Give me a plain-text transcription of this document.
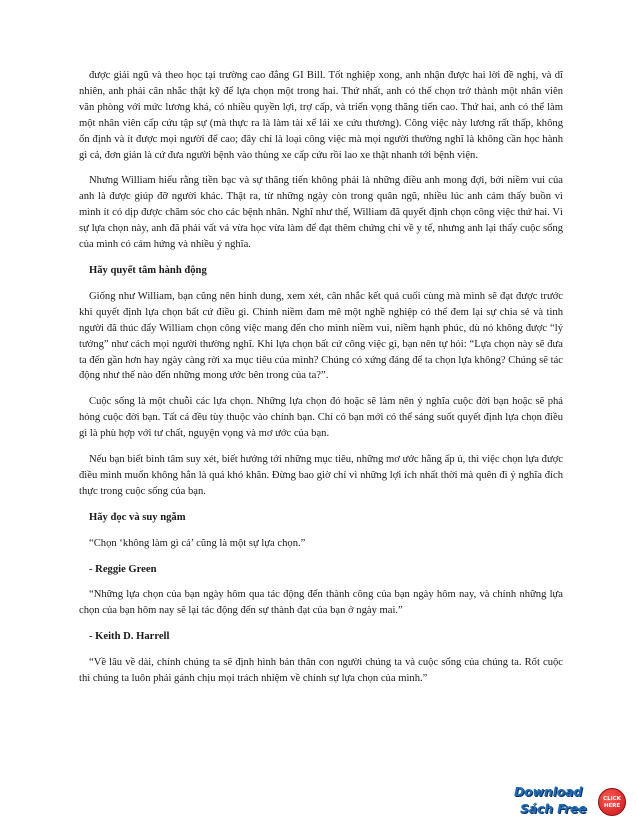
được giải ngũ và theo học tại trường cao đẳng GI Bill. Tốt nghiệp xong, anh nhận được hai lời đề nghị, và dĩ nhiên, anh phải cân nhắc thật kỹ để lựa chọn một trong hai. Thứ nhất, anh có thể chọn trở thành một nhân viên văn phòng với mức lương khá, có nhiều quyền lợi, trợ cấp, và triển vọng thăng tiến cao. Thứ hai, anh có thể làm một nhân viên cấp cứu tập sự (mà thực ra là làm tài xế lái xe cứu thương). Công việc này lương rất thấp, không ổn định và ít được mọi người để cao; đây chỉ là loại công việc mà mọi người thường nghĩ là không cần học hành gì cả, đơn giản là cứ đưa người bệnh vào thùng xe cấp cứu rồi lao xe thật nhanh tới bệnh viện.

Nhưng William hiểu rằng tiền bạc và sự thăng tiến không phải là những điều anh mong đợi, bởi niềm vui của anh là được giúp đỡ người khác. Thật ra, từ những ngày còn trong quân ngũ, nhiều lúc anh cảm thấy buồn vì mình ít có dịp được chăm sóc cho các bệnh nhân. Nghĩ như thế, William đã quyết định chọn công việc thứ hai. Vì sự lựa chọn này, anh đã phải vất vả vừa học vừa làm để đạt thêm chứng chỉ về y tế, nhưng anh lại thấy cuộc sống của mình có cảm hứng và nhiều ý nghĩa.

Hãy quyết tâm hành động

Giống như William, bạn cũng nên hình dung, xem xét, cân nhắc kết quả cuối cùng mà mình sẽ đạt được trước khi quyết định lựa chọn bất cứ điều gì. Chính niềm đam mê một nghề nghiệp có thể đem lại sự chia sẻ và tình người đã thúc đẩy William chọn công việc mang đến cho mình niềm vui, niềm hạnh phúc, dù nó không được “lý tưởng” như cách mọi người thường nghĩ. Khi lựa chọn bất cứ công việc gì, bạn nên tự hỏi: “Lựa chọn này sẽ đưa ta đến gần hơn hay ngày càng rời xa mục tiêu của mình? Chúng có xứng đáng để ta chọn lựa không? Chúng sẽ tác động như thế nào đến những mong ước bên trong của ta?”.

Cuộc sống là một chuỗi các lựa chọn. Những lựa chọn đó hoặc sẽ làm nên ý nghĩa cuộc đời bạn hoặc sẽ phá hỏng cuộc đời bạn. Tất cả đều tùy thuộc vào chính bạn. Chỉ có bạn mới có thể sáng suốt quyết định lựa chọn điều gì là phù hợp với tư chất, nguyện vọng và mơ ước của bạn.

Nếu bạn biết bình tâm suy xét, biết hướng tới những mục tiêu, những mơ ước hằng ấp ủ, thì việc chọn lựa được điều mình muốn không hẳn là quá khó khăn. Đừng bao giờ chỉ vì những lợi ích nhất thời mà quên đi ý nghĩa đích thực trong cuộc sống của bạn.

Hãy đọc và suy ngẫm

“Chọn ‘không làm gì cả’ cũng là một sự lựa chọn.”

- Reggie Green

“Những lựa chọn của bạn ngày hôm qua tác động đến thành công của bạn ngày hôm nay, và chính những lựa chọn của bạn hôm nay sẽ lại tác động đến sự thành đạt của bạn ở ngày mai.”

- Keith D. Harrell

“Về lâu về dài, chính chúng ta sẽ định hình bản thân con người chúng ta và cuộc sống của chúng ta. Rốt cuộc thì chúng ta luôn phải gánh chịu mọi trách nhiệm về chính sự lựa chọn của mình.”

Download
Sách Free
CLICK
HERE
